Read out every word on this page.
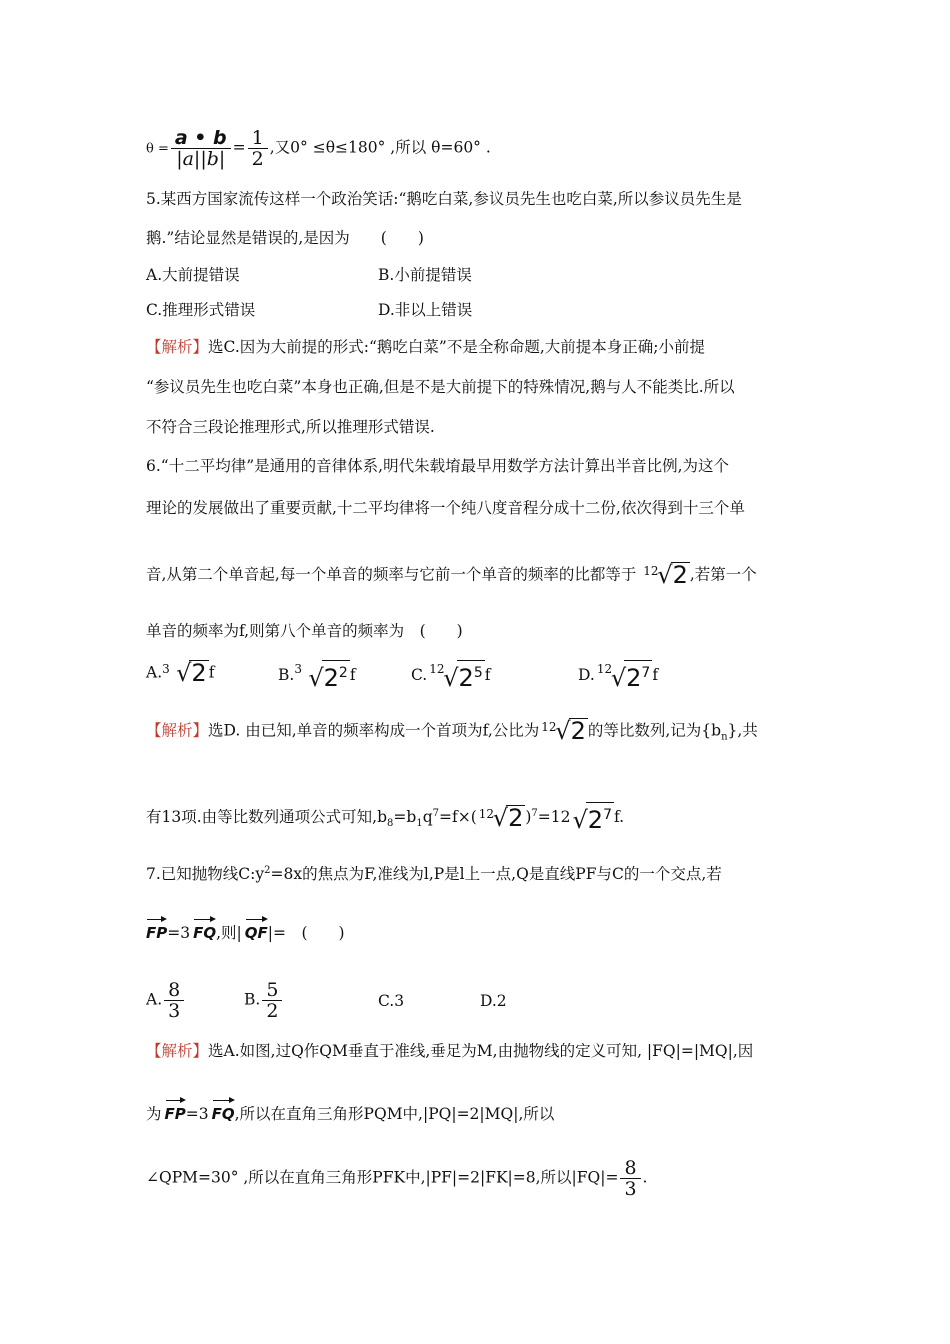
$\theta = \frac{a • b}{|a||b|} = \frac{1}{2}$ ,又0° ≤θ≤180° ,所以 θ=60° .
5.某西方国家流传这样一个政治笑话:“鹅吃白菜,参议员先生也吃白菜,所以参议员先生是
鹅.”结论显然是错误的,是因为　　(　　)
A.大前提错误	B.小前提错误
C.推理形式错误	D.非以上错误
【解析】选C.因为大前提的形式:“鹅吃白菜”不是全称命题,大前提本身正确;小前提
“参议员先生也吃白菜”本身也正确,但是不是大前提下的特殊情况,鹅与人不能类比.所以
不符合三段论推理形式,所以推理形式错误.
6.“十二平均律”是通用的音律体系,明代朱载堉最早用数学方法计算出半音比例,为这个
理论的发展做出了重要贡献,十二平均律将一个纯八度音程分成十二份,依次得到十三个单
音,从第二个单音起,每一个单音的频率与它前一个单音的频率的比都等于 12
√2 ,若第一个
单音的频率为f,则第八个单音的频率为　(　　)
A. 3 √2 f	B. 3 $√2^2$ f	C. 12
$√2^5$ f	D. 12
$√2^7$ f
【解析】选D. 由已知,单音的频率构成一个首项为f,公比为 12
√2 的等比数列,记为$\{b_n\}$,共
有13项.由等比数列通项公式可知$,b_8=b_1q^7=f\times$( 12
√2 )$^7=12√2^7$ f.
7.已知抛物线$C:y^2=8x$的焦点为F,准线为l,P是l上一点,Q是直线PF与C的一个交点,若
FP=3 FQ,则| QF|=　(　　)
A. $\frac{8}{3}$	B. $\frac{5}{2}$	C.3	D.2
【解析】选A.如图,过Q作QM垂直于准线,垂足为M,由抛物线的定义可知, |FQ|=|MQ|,因
为 FP=3 FQ,所以在直角三角形PQM中,|PQ|=2|MQ|,所以
∠QPM=30° ,所以在直角三角形PFK中,|PF|=2|FK|=8,所以$|FQ|= \frac{8}{3}$ .
